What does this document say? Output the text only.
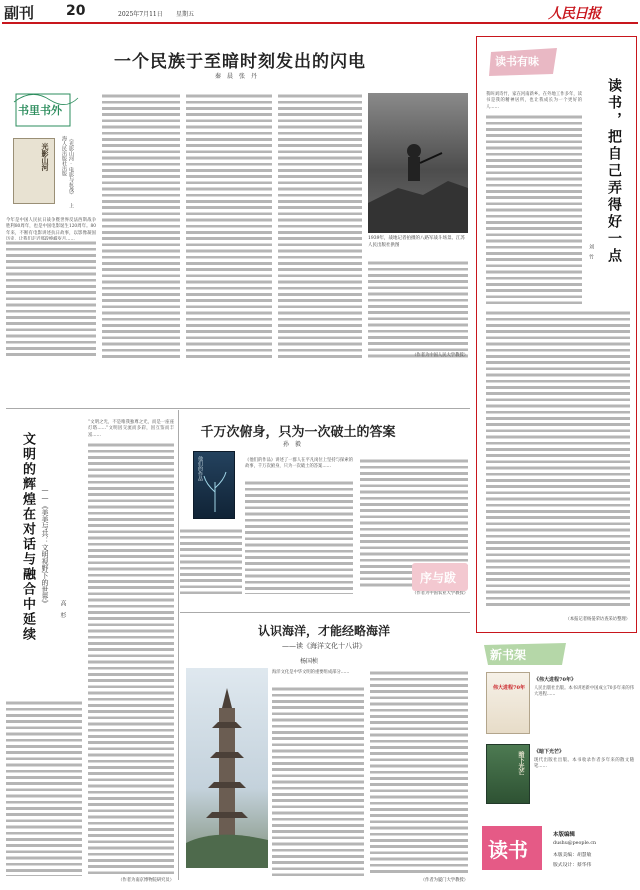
副刊 20	2025年7月11日 星期五	人民日报
一个民族于至暗时刻发出的闪电
秦　晨　张　丹
书里书外
光影山河	《光影山河·电影与抗战》 上海人民出版社出版
今年是中国人民抗日战争暨世界反法西斯战争胜利80周年，也是中国电影诞生120周年。80年来，不断有电影讲述抗日故事，以影像凝固
1939年，战地记者拍摄的八路军战斗场景。江苏人民出版社供图
（作者为中国人民大学教授）
读书有味
读书，把自己弄得好一点
刘　竹
我叫刘诗竹，家在河南新乡。在外地工作多年，读书是我的精神居所，也让我成长为一个更好的人……
（本报记者杨晏荣访查采访整理）
千万次俯身，只为一次破土的答案
孙　毅
他们的作品	《他们的作品》讲述了一群人在平凡岗位上坚持与探索的故事，千万次俯身，只为一次破土的答案……
（作者为中国农业大学教授）
序与跋
文明的辉煌在对话与融合中延续 ——《美美与共：文明视野下的世界》
高　杉
“文明之光，不是唯我独尊之光，而是一座座灯塔……”文明因交流而多彩，因互鉴而丰富……
（作者为南京博物院研究员）
认识海洋，才能经略海洋
——读《海洋文化十八讲》
杨国桢
海洋文化是中华文明的重要组成部分……
（作者为厦门大学教授）
新书架
伟大进程70年
《伟大进程70年》
人民出版社出版。本书讲述新中国成立70多年来的伟大进程……
暗下光芒 《暗下光芒》
现代出版社出版。本书收录作者多年来的散文随笔……
读书
本版编辑
dushu@people.cn
本版美编：胡慧敏
版式设计：蔡华伟
